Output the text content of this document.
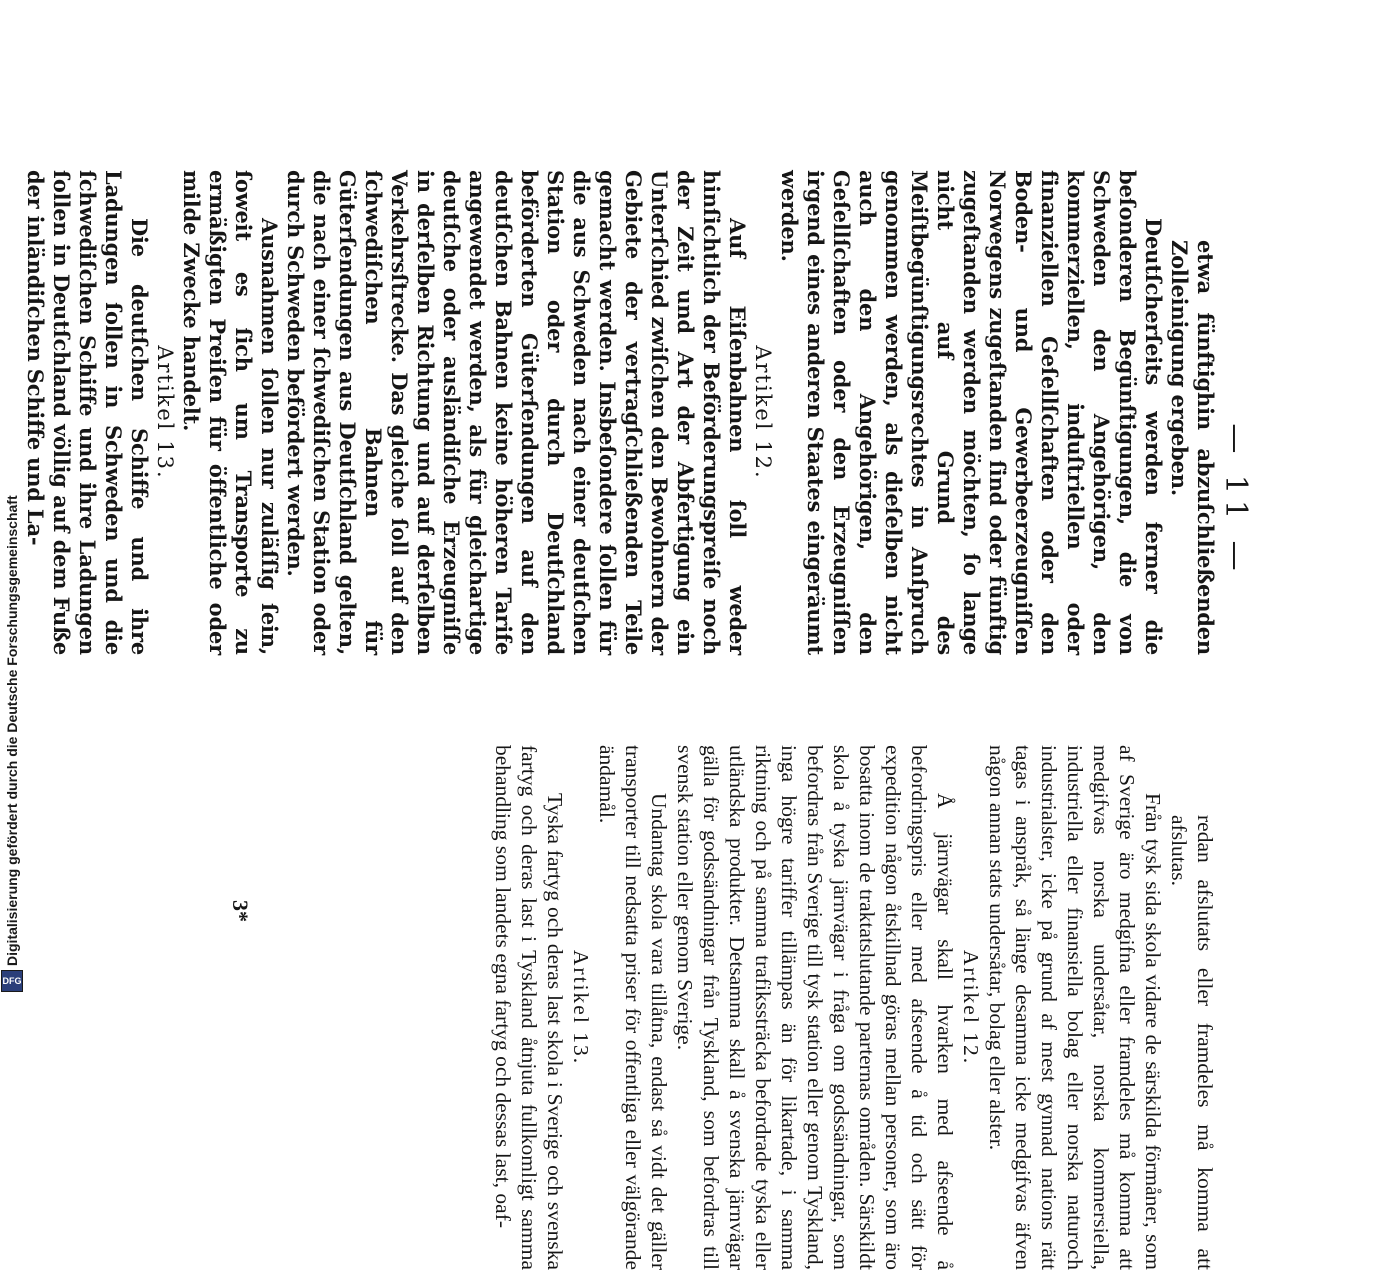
— 11 —

etwa fünftighin abzuſchließenden Zolleinigung ergeben.

Deutſcherſeits werden ferner die beſonderen Begünſtigungen, die von Schweden den Angehörigen, den kommerziellen, induſtriellen oder finanziellen Geſellſchaften oder den Boden- und Gewerbeerzeugniſſen Norwegens zugeſtanden ſind oder fünftig zugeſtanden werden möchten, ſo lange nicht auf Grund des Meiſtbegünſtigungsrechtes in Anſpruch genommen werden, als dieſelben nicht auch den Angehörigen, den Geſellſchaften oder den Erzeugniſſen irgend eines anderen Staates eingeräumt werden.

Artikel 12.

Auf Eiſenbahnen ſoll weder hinſichtlich der Beförderungspreiſe noch der Zeit und Art der Abfertigung ein Unterſchied zwiſchen den Bewohnern der Gebiete der vertragſchließenden Teile gemacht werden. Insbeſondere ſollen für die aus Schweden nach einer deutſchen Station oder durch Deutſchland beförderten Güterſendungen auf den deutſchen Bahnen keine höheren Tarife angewendet werden, als für gleichartige deutſche oder ausländiſche Erzeugniſſe in derſelben Richtung und auf derſelben Verkehrsſtrecke. Das gleiche ſoll auf den ſchwediſchen Bahnen für Güterſendungen aus Deutſchland gelten, die nach einer ſchwediſchen Station oder durch Schweden befördert werden.

Ausnahmen ſollen nur zuläſſig ſein, ſoweit es ſich um Transporte zu ermäßigten Preiſen für öffentliche oder milde Zwecke handelt.

Artikel 13.

Die deutſchen Schiffe und ihre Ladungen ſollen in Schweden und die ſchwediſchen Schiffe und ihre Ladungen ſollen in Deutſchland völlig auf dem Fuße der inländiſchen Schiffe und La-

redan afslutats eller framdeles må komma att afslutas.

Från tysk sida skola vidare de särskilda förmåner, som af Sverige äro medgifna eller framdeles må komma att medgifvas norska undersåtar, norska kommersiella, industriella eller finansiella bolag eller norska naturoch industrialster, icke på grund af mest gynnad nations rätt tagas i anspråk, så länge desamma icke medgifvas äfven någon annan stats undersåtar, bolag eller alster.

Artikel 12.

Å järnvägar skall hvarken med afseende å befordringspris eller med afseende å tid och sätt för expedition någon åtskillnad göras mellan personer, som äro bosatta inom de traktatslutande parternas områden. Särskildt skola å tyska järnvägar i fråga om godssändningar, som befordras från Sverige till tysk station eller genom Tyskland, inga högre tariffer tillämpas än för likartade, i samma riktning och på samma trafikssträcka befordrade tyska eller utländska produkter. Detsamma skall å svenska järnvägar gälla för godssändningar från Tyskland, som befordras till svensk station eller genom Sverige.

Undantag skola vara tillåtna, endast så vidt det gäller transporter till nedsatta priser för offentliga eller välgörande ändamål.

Artikel 13.

Tyska fartyg och deras last skola i Sverige och svenska fartyg och deras last i Tyskland åtnjuta fullkomligt samma behandling som landets egna fartyg och dessas last, oaf-

3*
DFG
Digitalisierung gefördert durch die Deutsche Forschungsgemeinschaft
